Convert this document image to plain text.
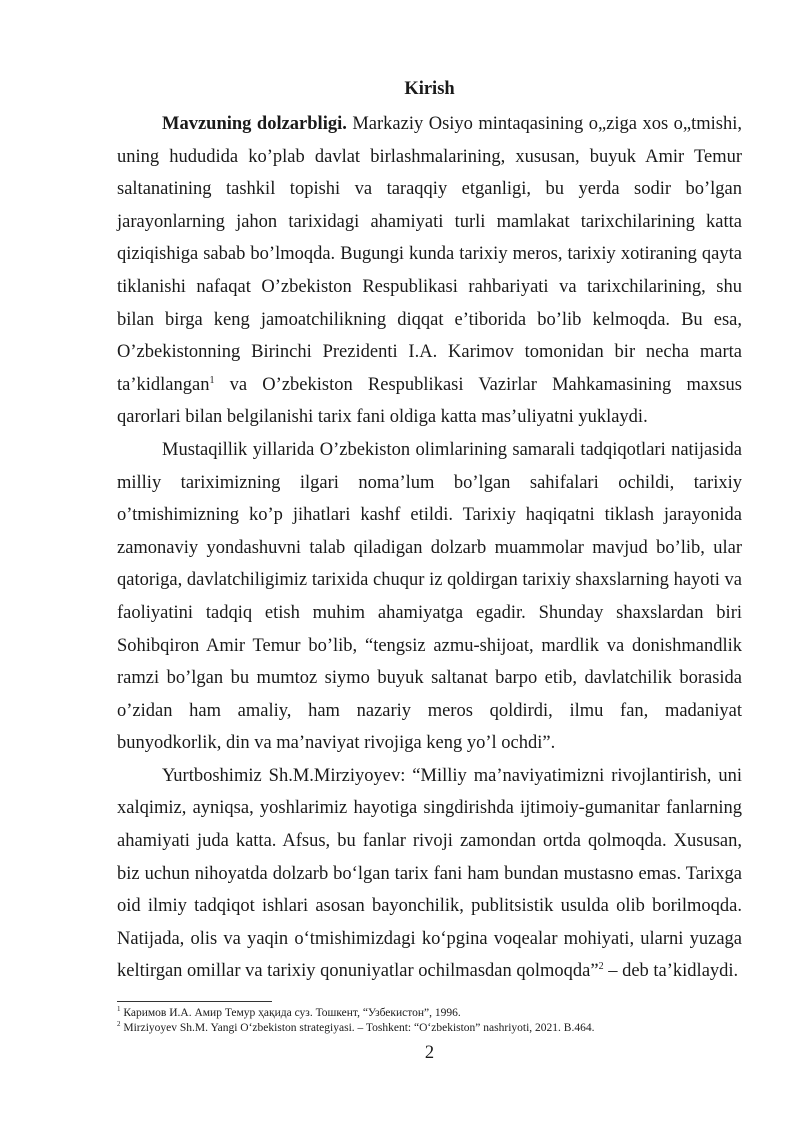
Kirish

Mavzuning dolzarbligi. Markaziy Osiyo mintaqasining o„ziga xos o„tmishi, uning hududida ko’plab davlat birlashmalarining, xususan, buyuk Amir Temur saltanatining tashkil topishi va taraqqiy etganligi, bu yerda sodir bo’lgan jarayonlarning jahon tarixidagi ahamiyati turli mamlakat tarixchilarining katta qiziqishiga sabab bo’lmoqda. Bugungi kunda tarixiy meros, tarixiy xotiraning qayta tiklanishi nafaqat O’zbekiston Respublikasi rahbariyati va tarixchilarining, shu bilan birga keng jamoatchilikning diqqat e’tiborida bo’lib kelmoqda. Bu esa, O’zbekistonning Birinchi Prezidenti I.A. Karimov tomonidan bir necha marta ta’kidlangan$^1$ va O’zbekiston Respublikasi Vazirlar Mahkamasining maxsus qarorlari bilan belgilanishi tarix fani oldiga katta mas’uliyatni yuklaydi.

Mustaqillik yillarida O’zbekiston olimlarining samarali tadqiqotlari natijasida milliy tariximizning ilgari noma’lum bo’lgan sahifalari ochildi, tarixiy o’tmishimizning ko’p jihatlari kashf etildi. Tarixiy haqiqatni tiklash jarayonida zamonaviy yondashuvni talab qiladigan dolzarb muammolar mavjud bo’lib, ular qatoriga, davlatchiligimiz tarixida chuqur iz qoldirgan tarixiy shaxslarning hayoti va faoliyatini tadqiq etish muhim ahamiyatga egadir. Shunday shaxslardan biri Sohibqiron Amir Temur bo’lib, “tengsiz azmu-shijoat, mardlik va donishmandlik ramzi bo’lgan bu mumtoz siymo buyuk saltanat barpo etib, davlatchilik borasida o’zidan ham amaliy, ham nazariy meros qoldirdi, ilmu fan, madaniyat bunyodkorlik, din va ma’naviyat rivojiga keng yo’l ochdi”.

Yurtboshimiz Sh.M.Mirziyoyev: “Milliy ma’naviyatimizni rivojlantirish, uni xalqimiz, ayniqsa, yoshlarimiz hayotiga singdirishda ijtimoiy-gumanitar fanlarning ahamiyati juda katta. Afsus, bu fanlar rivoji zamondan ortda qolmoqda. Xususan, biz uchun nihoyatda dolzarb bo‘lgan tarix fani ham bundan mustasno emas. Tarixga oid ilmiy tadqiqot ishlari asosan bayonchilik, publitsistik usulda olib borilmoqda. Natijada, olis va yaqin o‘tmishimizdagi ko‘pgina voqealar mohiyati, ularni yuzaga keltirgan omillar va tarixiy qonuniyatlar ochilmasdan qolmoqda”$^2$ – deb ta’kidlaydi.

$^1$ Каримов И.А. Амир Темур ҳақида суз. Тошкент, “Узбекистон”, 1996.
$^2$ Mirziyoyev Sh.M. Yangi O‘zbekiston strategiyasi. – Toshkent: “O‘zbekiston” nashriyoti, 2021. B.464.
2
